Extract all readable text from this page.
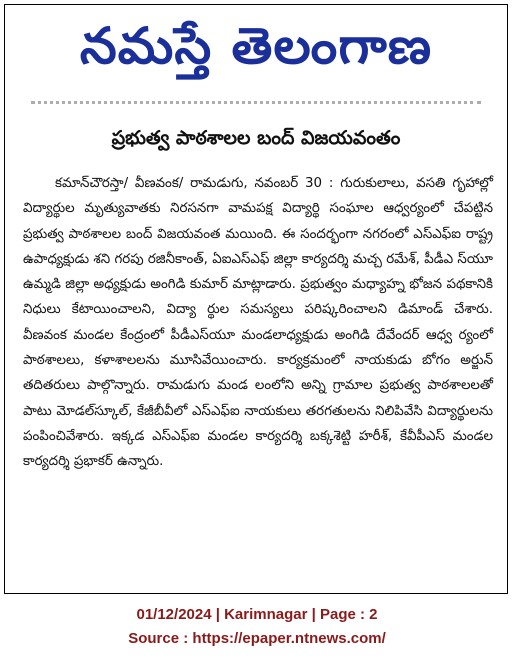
నమస్తే తెలంగాణ
ప్రభుత్వ పాఠశాలల బంద్ విజయవంతం

కమాన్‌చౌరస్తా/ వీణవంక/ రామడుగు, నవంబర్ 30 : గురుకులాలు, వసతి గృహాల్లో విద్యార్థుల మృత్యువాతకు నిరసనగా వామపక్ష విద్యార్థి సంఘాల ఆధ్వర్యంలో చేపట్టిన ప్రభుత్వ పాఠశాలల బంద్ విజయవంత మయింది. ఈ సందర్భంగా నగరంలో ఎస్ఎఫ్ఐ రాష్ట్ర ఉపాధ్యక్షుడు శని గరపు రజినీకాంత్, ఏఐఎస్ఎఫ్ జిల్లా కార్యదర్శి మచ్చ రమేశ్, పీడీఎ స్‌యూ ఉమ్మడి జిల్లా అధ్యక్షుడు అంగిడి కుమార్ మాట్లాడారు. ప్రభుత్వం మధ్యాహ్న భోజన పథకానికి నిధులు కేటాయించాలని, విద్యా ర్థుల సమస్యలు పరిష్కరించాలని డిమాండ్ చేశారు. వీణవంక మండల కేంద్రంలో పీడీఎస్‌యూ మండలాధ్యక్షుడు అంగిడి దేవేందర్ ఆధ్వ ర్యంలో పాఠశాలలు, కళాశాలలను మూసివేయించారు. కార్యక్రమంలో నాయకుడు బోగం అర్జున్ తదితరులు పాల్గొన్నారు. రామడుగు మండ లంలోని అన్ని గ్రామాల ప్రభుత్వ పాఠశాలలతో పాటు మోడల్‌స్కూల్, కేజీబీవీలో ఎస్ఎఫ్ఐ నాయకులు తరగతులను నిలిపివేసి విద్యార్థులను పంపించివేశారు. ఇక్కడ ఎస్ఎఫ్ఐ మండల కార్యదర్శి బక్కశెట్టి హరీశ్, కేవీపీఎస్ మండల కార్యదర్శి ప్రభాకర్ ఉన్నారు.

01/12/2024 | Karimnagar | Page : 2
Source : https://epaper.ntnews.com/
